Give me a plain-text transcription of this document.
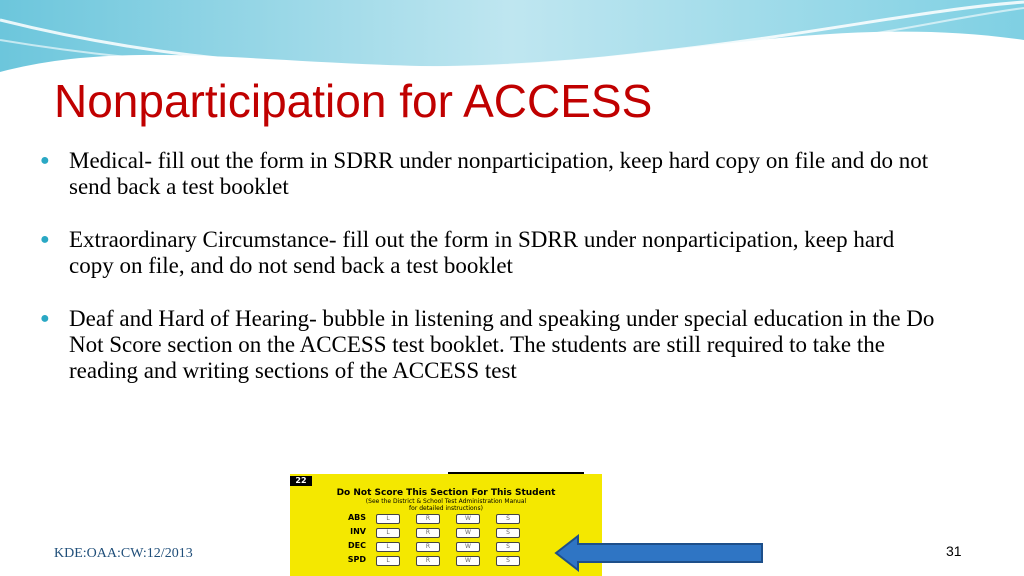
Nonparticipation for ACCESS
● Medical- fill out the form in SDRR under nonparticipation, keep hard copy on file and do not send back a test booklet
● Extraordinary Circumstance- fill out the form in SDRR under nonparticipation, keep hard copy on file, and do not send back a test booklet
● Deaf and Hard of Hearing- bubble in listening and speaking under special education in the Do Not Score section on the ACCESS test booklet. The students are still required to take the reading and writing sections of the ACCESS test
22
Do Not Score This Section For This Student
(See the District & School Test Administration Manual
for detailed instructions)
ABS	L	R	W	S
INV	L	R	W	S
DEC	L	R	W	S
SPD	L	R	W	S
KDE:OAA:CW:12/2013	31
